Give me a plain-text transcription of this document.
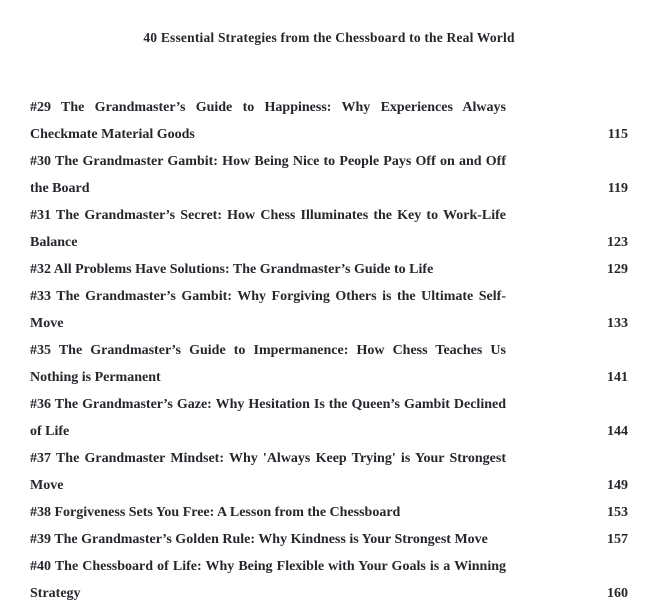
40 Essential Strategies from the Chessboard to the Real World
#29 The Grandmaster’s Guide to Happiness: Why Experiences Always Checkmate Material Goods	115
#30 The Grandmaster Gambit: How Being Nice to People Pays Off on and Off the Board	119
#31 The Grandmaster’s Secret: How Chess Illuminates the Key to Work-Life Balance	123
#32 All Problems Have Solutions: The Grandmaster’s Guide to Life	129
#33 The Grandmaster’s Gambit: Why Forgiving Others is the Ultimate Self-Move	133
#35 The Grandmaster’s Guide to Impermanence: How Chess Teaches Us Nothing is Permanent	141
#36 The Grandmaster’s Gaze: Why Hesitation Is the Queen’s Gambit Declined of Life	144
#37 The Grandmaster Mindset: Why 'Always Keep Trying' is Your Strongest Move	149
#38 Forgiveness Sets You Free: A Lesson from the Chessboard	153
#39 The Grandmaster’s Golden Rule: Why Kindness is Your Strongest Move	157
#40 The Chessboard of Life: Why Being Flexible with Your Goals is a Winning Strategy	160
